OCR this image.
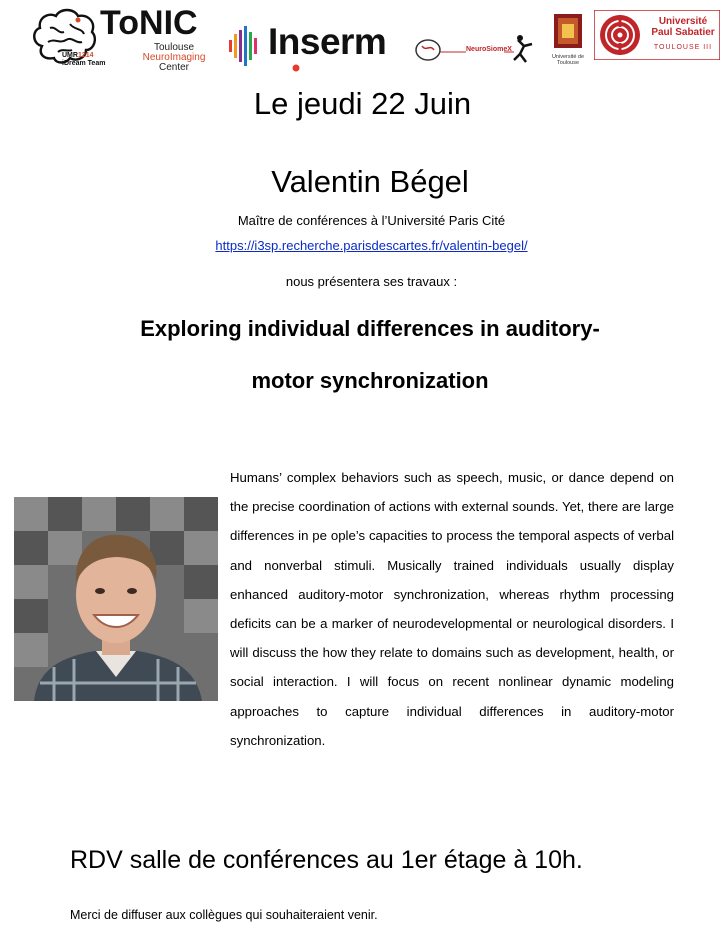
ToNIC
Toulouse
NeuroImaging
Center
UMR1214
iDream Team
Inserm	NeuroSiomeX
Université de Toulouse
Université Paul Sabatier
TOULOUSE III
Le jeudi 22 Juin
Valentin Bégel
Maître de conférences à l’Université Paris Cité
https://i3sp.recherche.parisdescartes.fr/valentin-begel/
nous présentera ses travaux :
Exploring individual differences in auditory-
motor synchronization

Humans’ complex behaviors such as speech, music, or dance depend on the precise coordination of actions with external sounds. Yet, there are large differences in pe ople’s capacities to process the temporal aspects of verbal and nonverbal stimuli. Musically trained individuals usually display enhanced auditory-motor synchronization, whereas rhythm processing deficits can be a marker of neurodevelopmental or neurological disorders. I will discuss the how they relate to domains such as development, health, or social interaction. I will focus on recent nonlinear dynamic modeling approaches to capture individual differences in auditory-motor synchronization.

RDV salle de conférences au 1er étage à 10h.
Merci de diffuser aux collègues qui souhaiteraient venir.
